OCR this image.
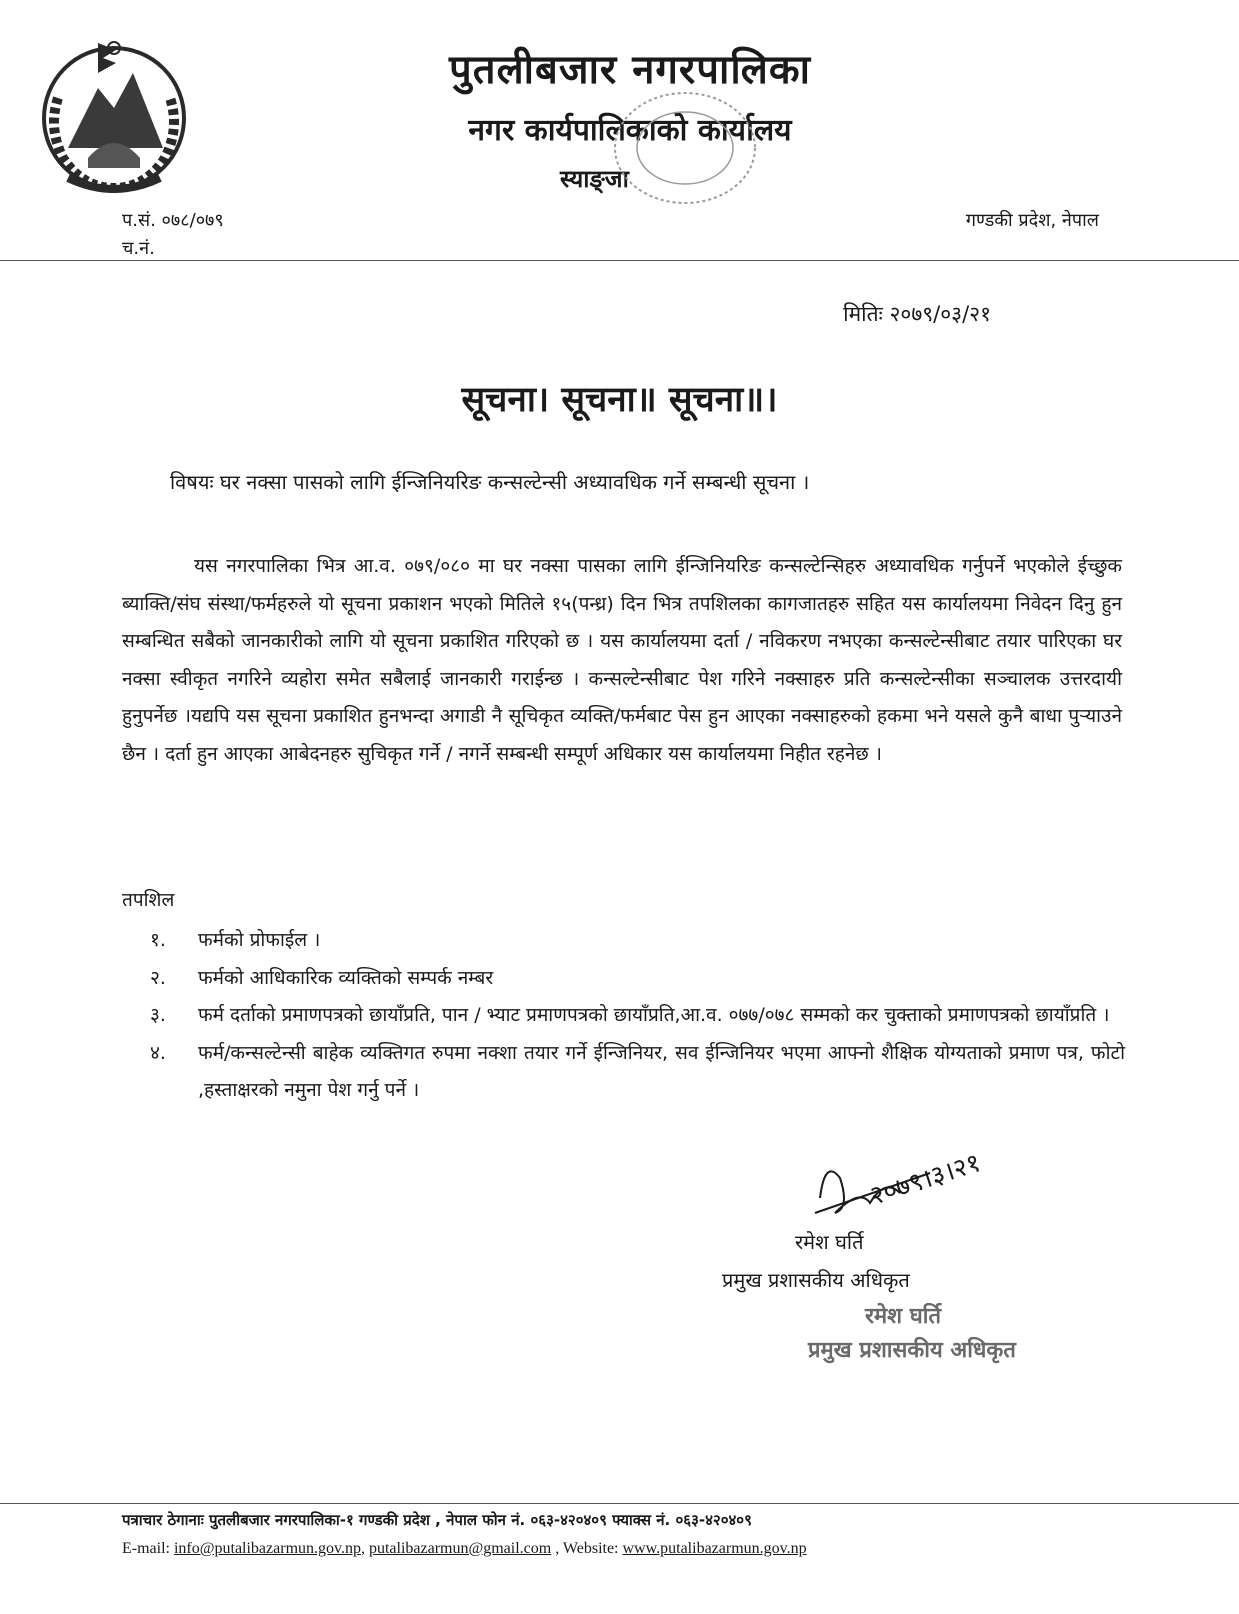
पुतलीबजार नगरपालिका
नगर कार्यपालिकाको कार्यालय
स्याङ्जा
प.सं. ०७८/०७९
च.नं.
गण्डकी प्रदेश, नेपाल
मितिः २०७९/०३/२१
सूचना। सूचना॥ सूचना॥।
विषयः घर नक्सा पासको लागि ईन्जिनियरिङ कन्सल्टेन्सी अध्यावधिक गर्ने सम्बन्धी सूचना ।

यस नगरपालिका भित्र आ.व. ०७९/०८० मा घर नक्सा पासका लागि ईन्जिनियरिङ कन्सल्टेन्सिहरु अध्यावधिक गर्नुपर्ने भएकोले ईच्छुक ब्याक्ति/संघ संस्था/फर्महरुले यो सूचना प्रकाशन भएको मितिले १५(पन्ध्र) दिन भित्र तपशिलका कागजातहरु सहित यस कार्यालयमा निवेदन दिनु हुन सम्बन्धित सबैको जानकारीको लागि यो सूचना प्रकाशित गरिएको छ । यस कार्यालयमा दर्ता / नविकरण नभएका कन्सल्टेन्सीबाट तयार पारिएका घर नक्सा स्वीकृत नगरिने व्यहोरा समेत सबैलाई जानकारी गराईन्छ । कन्सल्टेन्सीबाट पेश गरिने नक्साहरु प्रति कन्सल्टेन्सीका सञ्चालक उत्तरदायी हुनुपर्नेछ ।यद्यपि यस सूचना प्रकाशित हुनभन्दा अगाडी नै सूचिकृत व्यक्ति/फर्मबाट पेस हुन आएका नक्साहरुको हकमा भने यसले कुनै बाधा पुऱ्याउने छैन । दर्ता हुन आएका आबेदनहरु सुचिकृत गर्ने / नगर्ने सम्बन्धी सम्पूर्ण अधिकार यस कार्यालयमा निहीत रहनेछ ।

तपशिल
१. फर्मको प्रोफाईल ।
२. फर्मको आधिकारिक व्यक्तिको सम्पर्क नम्बर
३. फर्म दर्ताको प्रमाणपत्रको छायाँप्रति, पान / भ्याट प्रमाणपत्रको छायाँप्रति,आ.व. ०७७/०७८ सम्मको कर चुक्ताको प्रमाणपत्रको छायाँप्रति ।
४. फर्म/कन्सल्टेन्सी बाहेक व्यक्तिगत रुपमा नक्शा तयार गर्ने ईन्जिनियर, सव ईन्जिनियर भएमा आफ्नो शैक्षिक योग्यताको प्रमाण पत्र, फोटो ,हस्ताक्षरको नमुना पेश गर्नु पर्ने ।
२०७९।३।२१
रमेश घर्ति
प्रमुख प्रशासकीय अधिकृत
रमेश घर्ति
प्रमुख प्रशासकीय अधिकृत
पत्राचार ठेगानाः पुतलीबजार नगरपालिका-१ गण्डकी प्रदेश , नेपाल फोन नं. ०६३-४२०४०९ फ्याक्स नं. ०६३-४२०४०९
E-mail: info@putalibazarmun.gov.np, putalibazarmun@gmail.com , Website: www.putalibazarmun.gov.np
